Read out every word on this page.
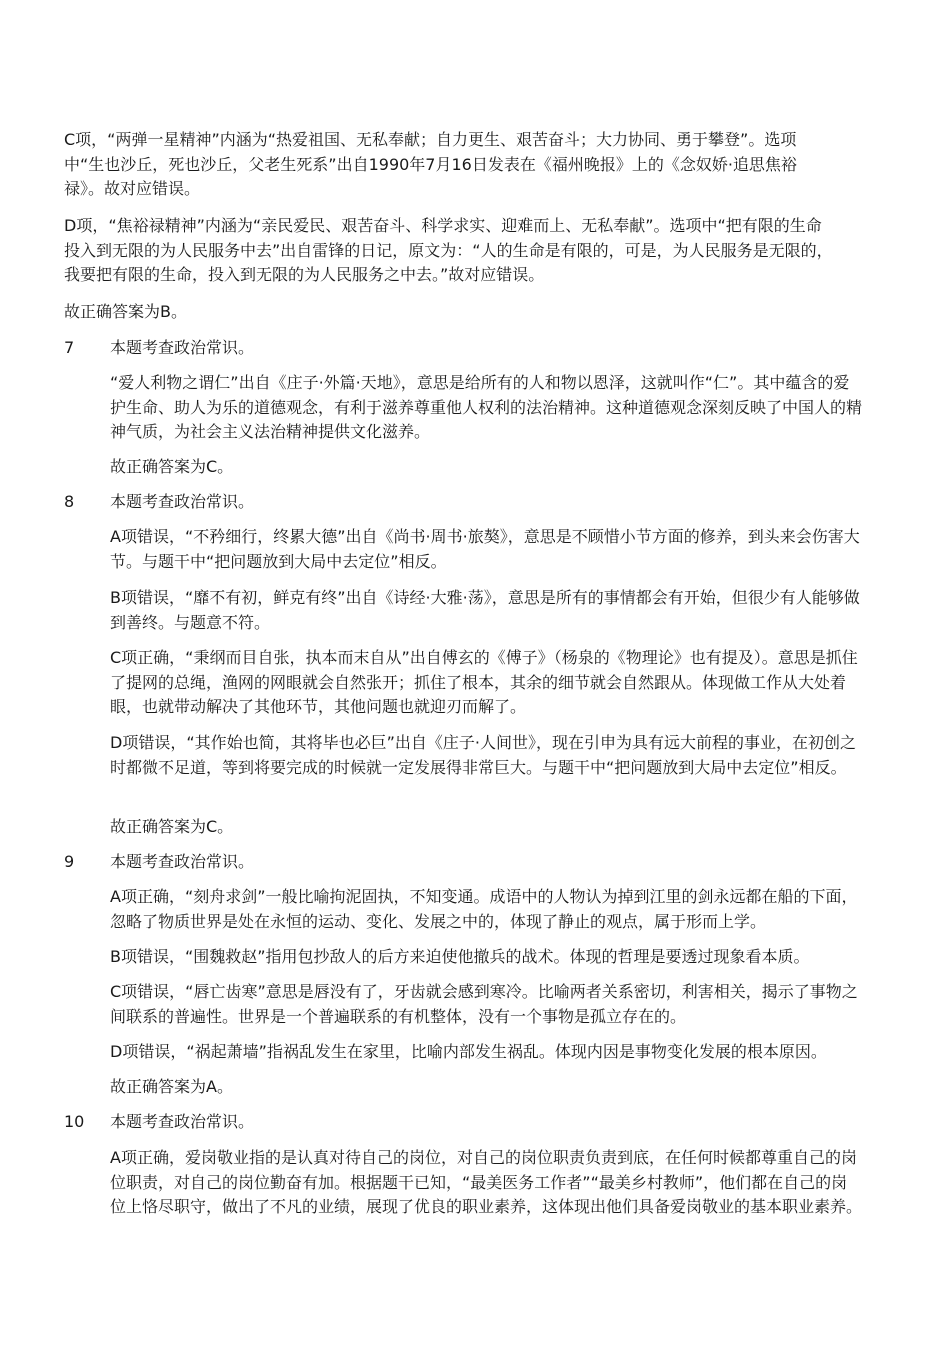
C项，“两弹一星精神”内涵为“热爱祖国、无私奉献；自力更生、艰苦奋斗；大力协同、勇于攀登”。选项中“生也沙丘，死也沙丘，父老生死系”出自1990年7月16日发表在《福州晚报》上的《念奴娇·追思焦裕禄》。故对应错误。

D项，“焦裕禄精神”内涵为“亲民爱民、艰苦奋斗、科学求实、迎难而上、无私奉献”。选项中“把有限的生命投入到无限的为人民服务中去”出自雷锋的日记，原文为：“人的生命是有限的，可是，为人民服务是无限的，我要把有限的生命，投入到无限的为人民服务之中去。”故对应错误。

故正确答案为B。

7 本题考查政治常识。

“爱人利物之谓仁”出自《庄子·外篇·天地》，意思是给所有的人和物以恩泽，这就叫作“仁”。其中蕴含的爱护生命、助人为乐的道德观念，有利于滋养尊重他人权利的法治精神。这种道德观念深刻反映了中国人的精神气质，为社会主义法治精神提供文化滋养。

故正确答案为C。

8 本题考查政治常识。

A项错误，“不矜细行，终累大德”出自《尚书·周书·旅獒》，意思是不顾惜小节方面的修养，到头来会伤害大节。与题干中“把问题放到大局中去定位”相反。

B项错误，“靡不有初，鲜克有终”出自《诗经·大雅·荡》，意思是所有的事情都会有开始，但很少有人能够做到善终。与题意不符。

C项正确，“秉纲而目自张，执本而末自从”出自傅玄的《傅子》（杨泉的《物理论》也有提及）。意思是抓住了提网的总绳，渔网的网眼就会自然张开；抓住了根本，其余的细节就会自然跟从。体现做工作从大处着眼，也就带动解决了其他环节，其他问题也就迎刃而解了。

D项错误，“其作始也简，其将毕也必巨”出自《庄子·人间世》，现在引申为具有远大前程的事业，在初创之时都微不足道，等到将要完成的时候就一定发展得非常巨大。与题干中“把问题放到大局中去定位”相反。

故正确答案为C。

9 本题考查政治常识。

A项正确，“刻舟求剑”一般比喻拘泥固执，不知变通。成语中的人物认为掉到江里的剑永远都在船的下面，忽略了物质世界是处在永恒的运动、变化、发展之中的，体现了静止的观点，属于形而上学。

B项错误，“围魏救赵”指用包抄敌人的后方来迫使他撤兵的战术。体现的哲理是要透过现象看本质。

C项错误，“唇亡齿寒”意思是唇没有了，牙齿就会感到寒冷。比喻两者关系密切，利害相关，揭示了事物之间联系的普遍性。世界是一个普遍联系的有机整体，没有一个事物是孤立存在的。

D项错误，“祸起萧墙”指祸乱发生在家里，比喻内部发生祸乱。体现内因是事物变化发展的根本原因。

故正确答案为A。

10 本题考查政治常识。

A项正确，爱岗敬业指的是认真对待自己的岗位，对自己的岗位职责负责到底，在任何时候都尊重自己的岗位职责，对自己的岗位勤奋有加。根据题干已知，“最美医务工作者”“最美乡村教师”，他们都在自己的岗位上恪尽职守，做出了不凡的业绩，展现了优良的职业素养，这体现出他们具备爱岗敬业的基本职业素养。
